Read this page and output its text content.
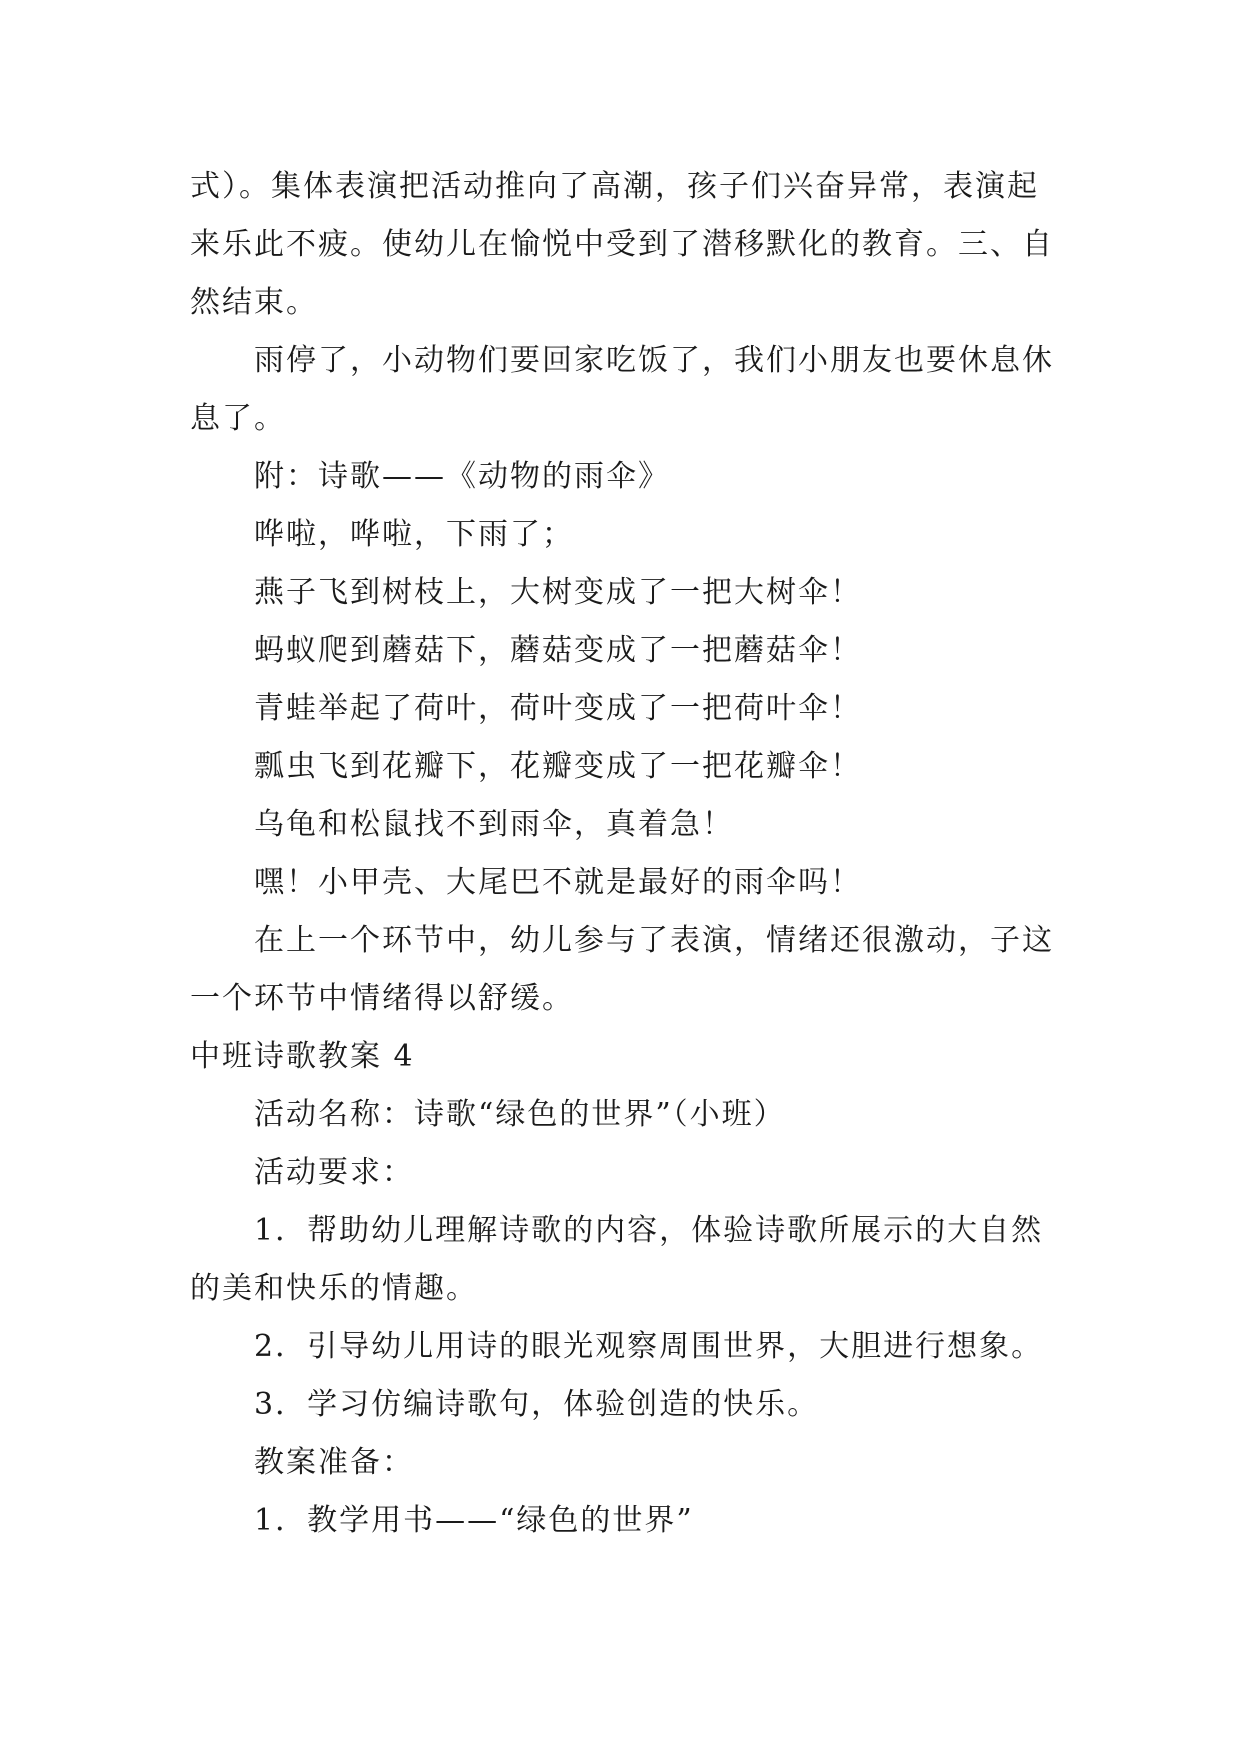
式）。集体表演把活动推向了高潮，孩子们兴奋异常，表演起来乐此不疲。使幼儿在愉悦中受到了潜移默化的教育。三、自然结束。

雨停了，小动物们要回家吃饭了，我们小朋友也要休息休息了。

附：诗歌——《动物的雨伞》

哗啦，哗啦，下雨了；

燕子飞到树枝上，大树变成了一把大树伞！

蚂蚁爬到蘑菇下，蘑菇变成了一把蘑菇伞！

青蛙举起了荷叶，荷叶变成了一把荷叶伞！

瓢虫飞到花瓣下，花瓣变成了一把花瓣伞！

乌龟和松鼠找不到雨伞，真着急！

嘿！小甲壳、大尾巴不就是最好的雨伞吗！

在上一个环节中，幼儿参与了表演，情绪还很激动，子这一个环节中情绪得以舒缓。

中班诗歌教案 4

活动名称：诗歌“绿色的世界”（小班）

活动要求：

1．帮助幼儿理解诗歌的内容，体验诗歌所展示的大自然的美和快乐的情趣。

2．引导幼儿用诗的眼光观察周围世界，大胆进行想象。

3．学习仿编诗歌句，体验创造的快乐。

教案准备：

1．教学用书——“绿色的世界”
